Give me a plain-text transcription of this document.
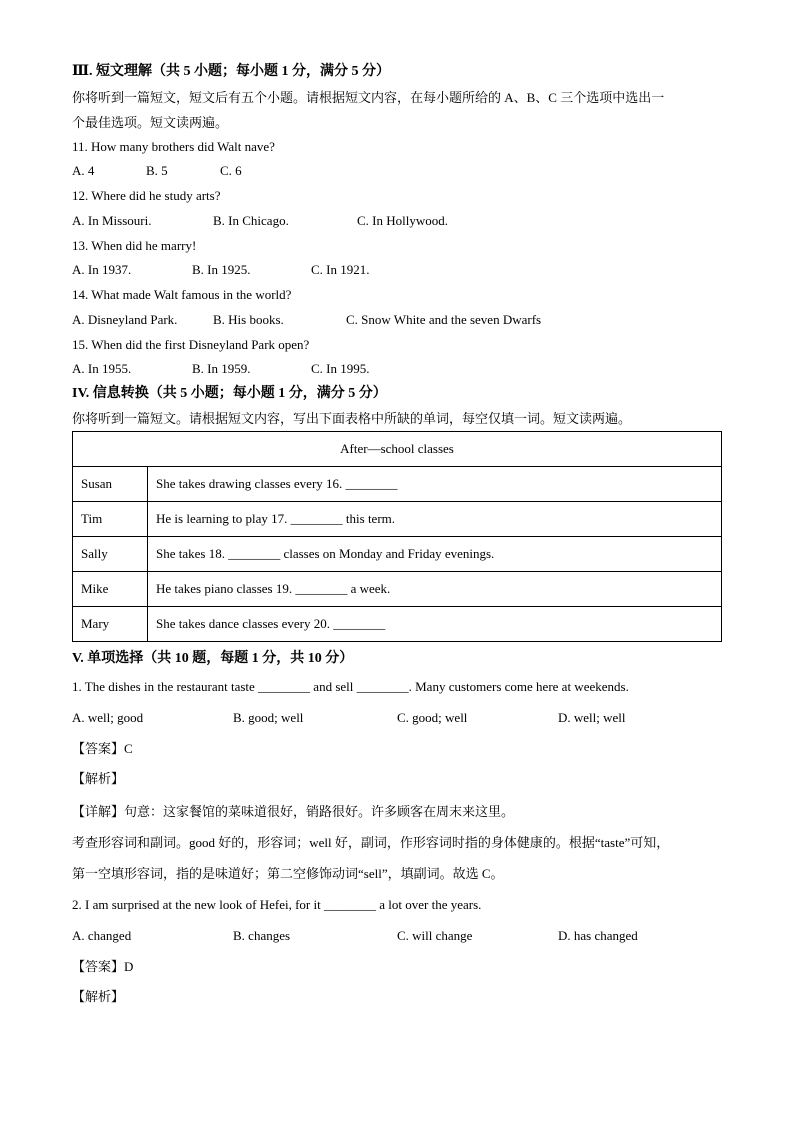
Ⅲ. 短文理解（共 5 小题；每小题 1 分，满分 5 分）
你将听到一篇短文，短文后有五个小题。请根据短文内容，在每小题所给的 A、B、C 三个选项中选出一
个最佳选项。短文读两遍。
11. How many brothers did Walt nave?
A. 4	B. 5	C. 6
12. Where did he study arts?
A. In Missouri.	B. In Chicago.	C. In Hollywood.
13. When did he marry!
A. In 1937.	B. In 1925.	C. In 1921.
14. What made Walt famous in the world?
A. Disneyland Park.	B. His books.	C. Snow White and the seven Dwarfs
15. When did the first Disneyland Park open?
A. In 1955.	B. In 1959.	C. In 1995.
IV. 信息转换（共 5 小题；每小题 1 分，满分 5 分）
你将听到一篇短文。请根据短文内容，写出下面表格中所缺的单词，每空仅填一词。短文读两遍。
After—school classes	
Susan	She takes drawing classes every 16. ________
Tim	He is learning to play 17. ________ this term.
Sally	She takes 18. ________ classes on Monday and Friday evenings.
Mike	He takes piano classes 19. ________ a week.
Mary	She takes dance classes every 20. ________
V. 单项选择（共 10 题，每题 1 分，共 10 分）
1. The dishes in the restaurant taste ________ and sell ________. Many customers come here at weekends.
A. well; good	B. good; well	C. good; well	D. well; well
【答案】C
【解析】
【详解】句意：这家餐馆的菜味道很好，销路很好。许多顾客在周末来这里。
考查形容词和副词。good 好的，形容词；well 好，副词，作形容词时指的身体健康的。根据“taste”可知，
第一空填形容词，指的是味道好；第二空修饰动词“sell”，填副词。故选 C。
2. I am surprised at the new look of Hefei, for it ________ a lot over the years.
A. changed	B. changes	C. will change	D. has changed
【答案】D
【解析】
